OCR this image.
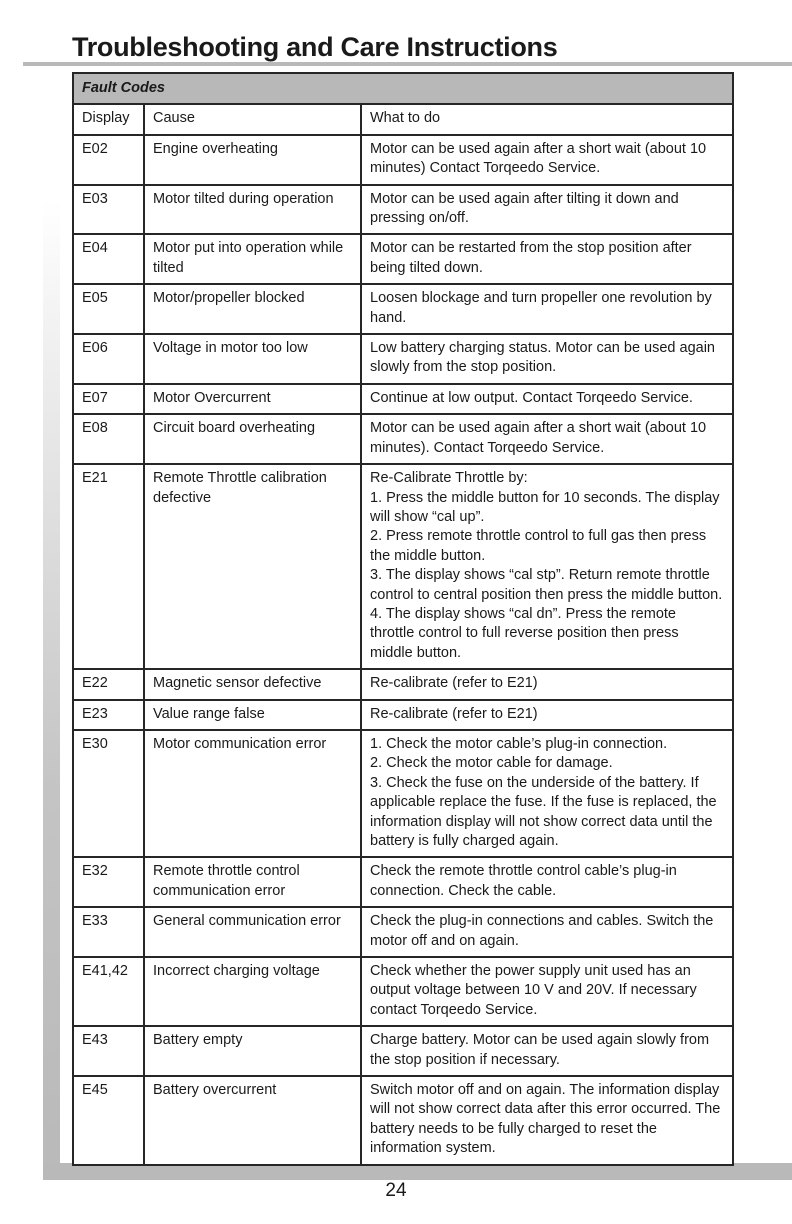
Troubleshooting and Care Instructions
Fault Codes		
Display	Cause	What to do
E02	Engine overheating	Motor can be used again after a short wait (about 10 minutes) Contact Torqeedo Service.

E03	Motor tilted during operation	Motor can be used again after tilting it down and pressing on/off.

E04	Motor put into operation while tilted	Motor can be restarted from the stop position after being tilted down.

E05	Motor/propeller blocked	Loosen blockage and turn propeller one revolution by hand.

E06	Voltage in motor too low	Low battery charging status. Motor can be used again slowly from the stop position.

E07	Motor Overcurrent	Continue at low output. Contact Torqeedo Service.

E08	Circuit board overheating	Motor can be used again after a short wait (about 10 minutes). Contact Torqeedo Service.

E21	Remote Throttle calibration defective	Re-Calibrate Throttle by:
1. Press the middle button for 10 seconds. The display will show “cal up”.
2. Press remote throttle control to full gas then press the middle button.
3. The display shows “cal stp”. Return remote throttle control to central position then press the middle button.
4. The display shows “cal dn”. Press the remote throttle control to full reverse position then press middle button.

E22	Magnetic sensor defective	Re-calibrate (refer to E21)

E23	Value range false	Re-calibrate (refer to E21)

E30	Motor communication error	1. Check the motor cable’s plug-in connection.
2. Check the motor cable for damage.
3. Check the fuse on the underside of the battery. If applicable replace the fuse. If the fuse is replaced, the information display will not show correct data until the battery is fully charged again.

E32	Remote throttle control communication error	Check the remote throttle control cable’s plug-in connection. Check the cable.

E33	General communication error	Check the plug-in connections and cables. Switch the motor off and on again.

E41,42	Incorrect charging voltage	Check whether the power supply unit used has an output voltage between 10 V and 20V. If necessary contact Torqeedo Service.

E43	Battery empty	Charge battery. Motor can be used again slowly from the stop position if necessary.

E45	Battery overcurrent	Switch motor off and on again. The information display will not show correct data after this error occurred. The battery needs to be fully charged to reset the information system.
24
